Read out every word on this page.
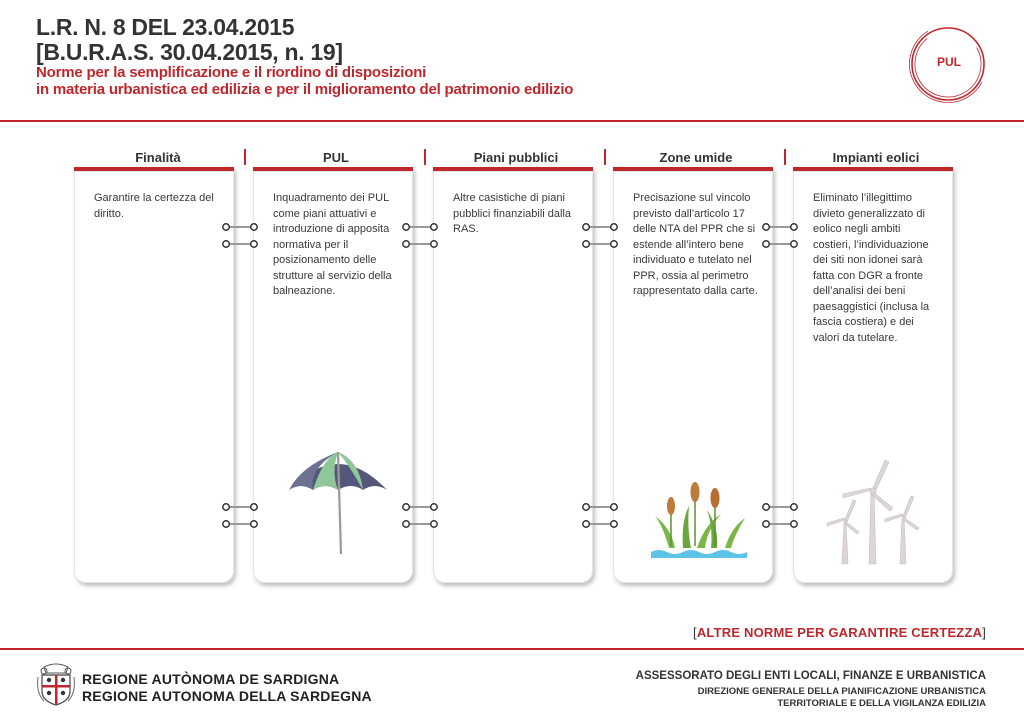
L.R. N. 8 DEL 23.04.2015
[B.U.R.A.S. 30.04.2015, n. 19]
Norme per la semplificazione e il riordino di disposizioni
in materia urbanistica ed edilizia e per il miglioramento del patrimonio edilizio
PUL
Finalità	PUL	Piani pubblici	Zone umide	Impianti eolici
Garantire la certezza del diritto.
Inquadramento dei PUL come piani attuativi e introduzione di apposita normativa per il posizionamento delle strutture al servizio della balneazione.
Altre casistiche di piani pubblici finanziabili dalla RAS.
Precisazione sul vincolo previsto dall’articolo 17 delle NTA del PPR che si estende all’intero bene individuato e tutelato nel PPR, ossia al perimetro rappresentato dalla carte.
Eliminato l’illegittimo divieto generalizzato di eolico negli ambiti costieri, l’individuazione dei siti non idonei sarà fatta con DGR a fronte dell’analisi dei beni paesaggistici (inclusa la fascia costiera) e dei valori da tutelare.
[ALTRE NORME PER GARANTIRE CERTEZZA]
REGIONE AUTÒNOMA DE SARDIGNA
REGIONE AUTONOMA DELLA SARDEGNA
ASSESSORATO DEGLI ENTI LOCALI, FINANZE E URBANISTICA
DIREZIONE GENERALE DELLA PIANIFICAZIONE URBANISTICA
TERRITORIALE E DELLA VIGILANZA EDILIZIA
